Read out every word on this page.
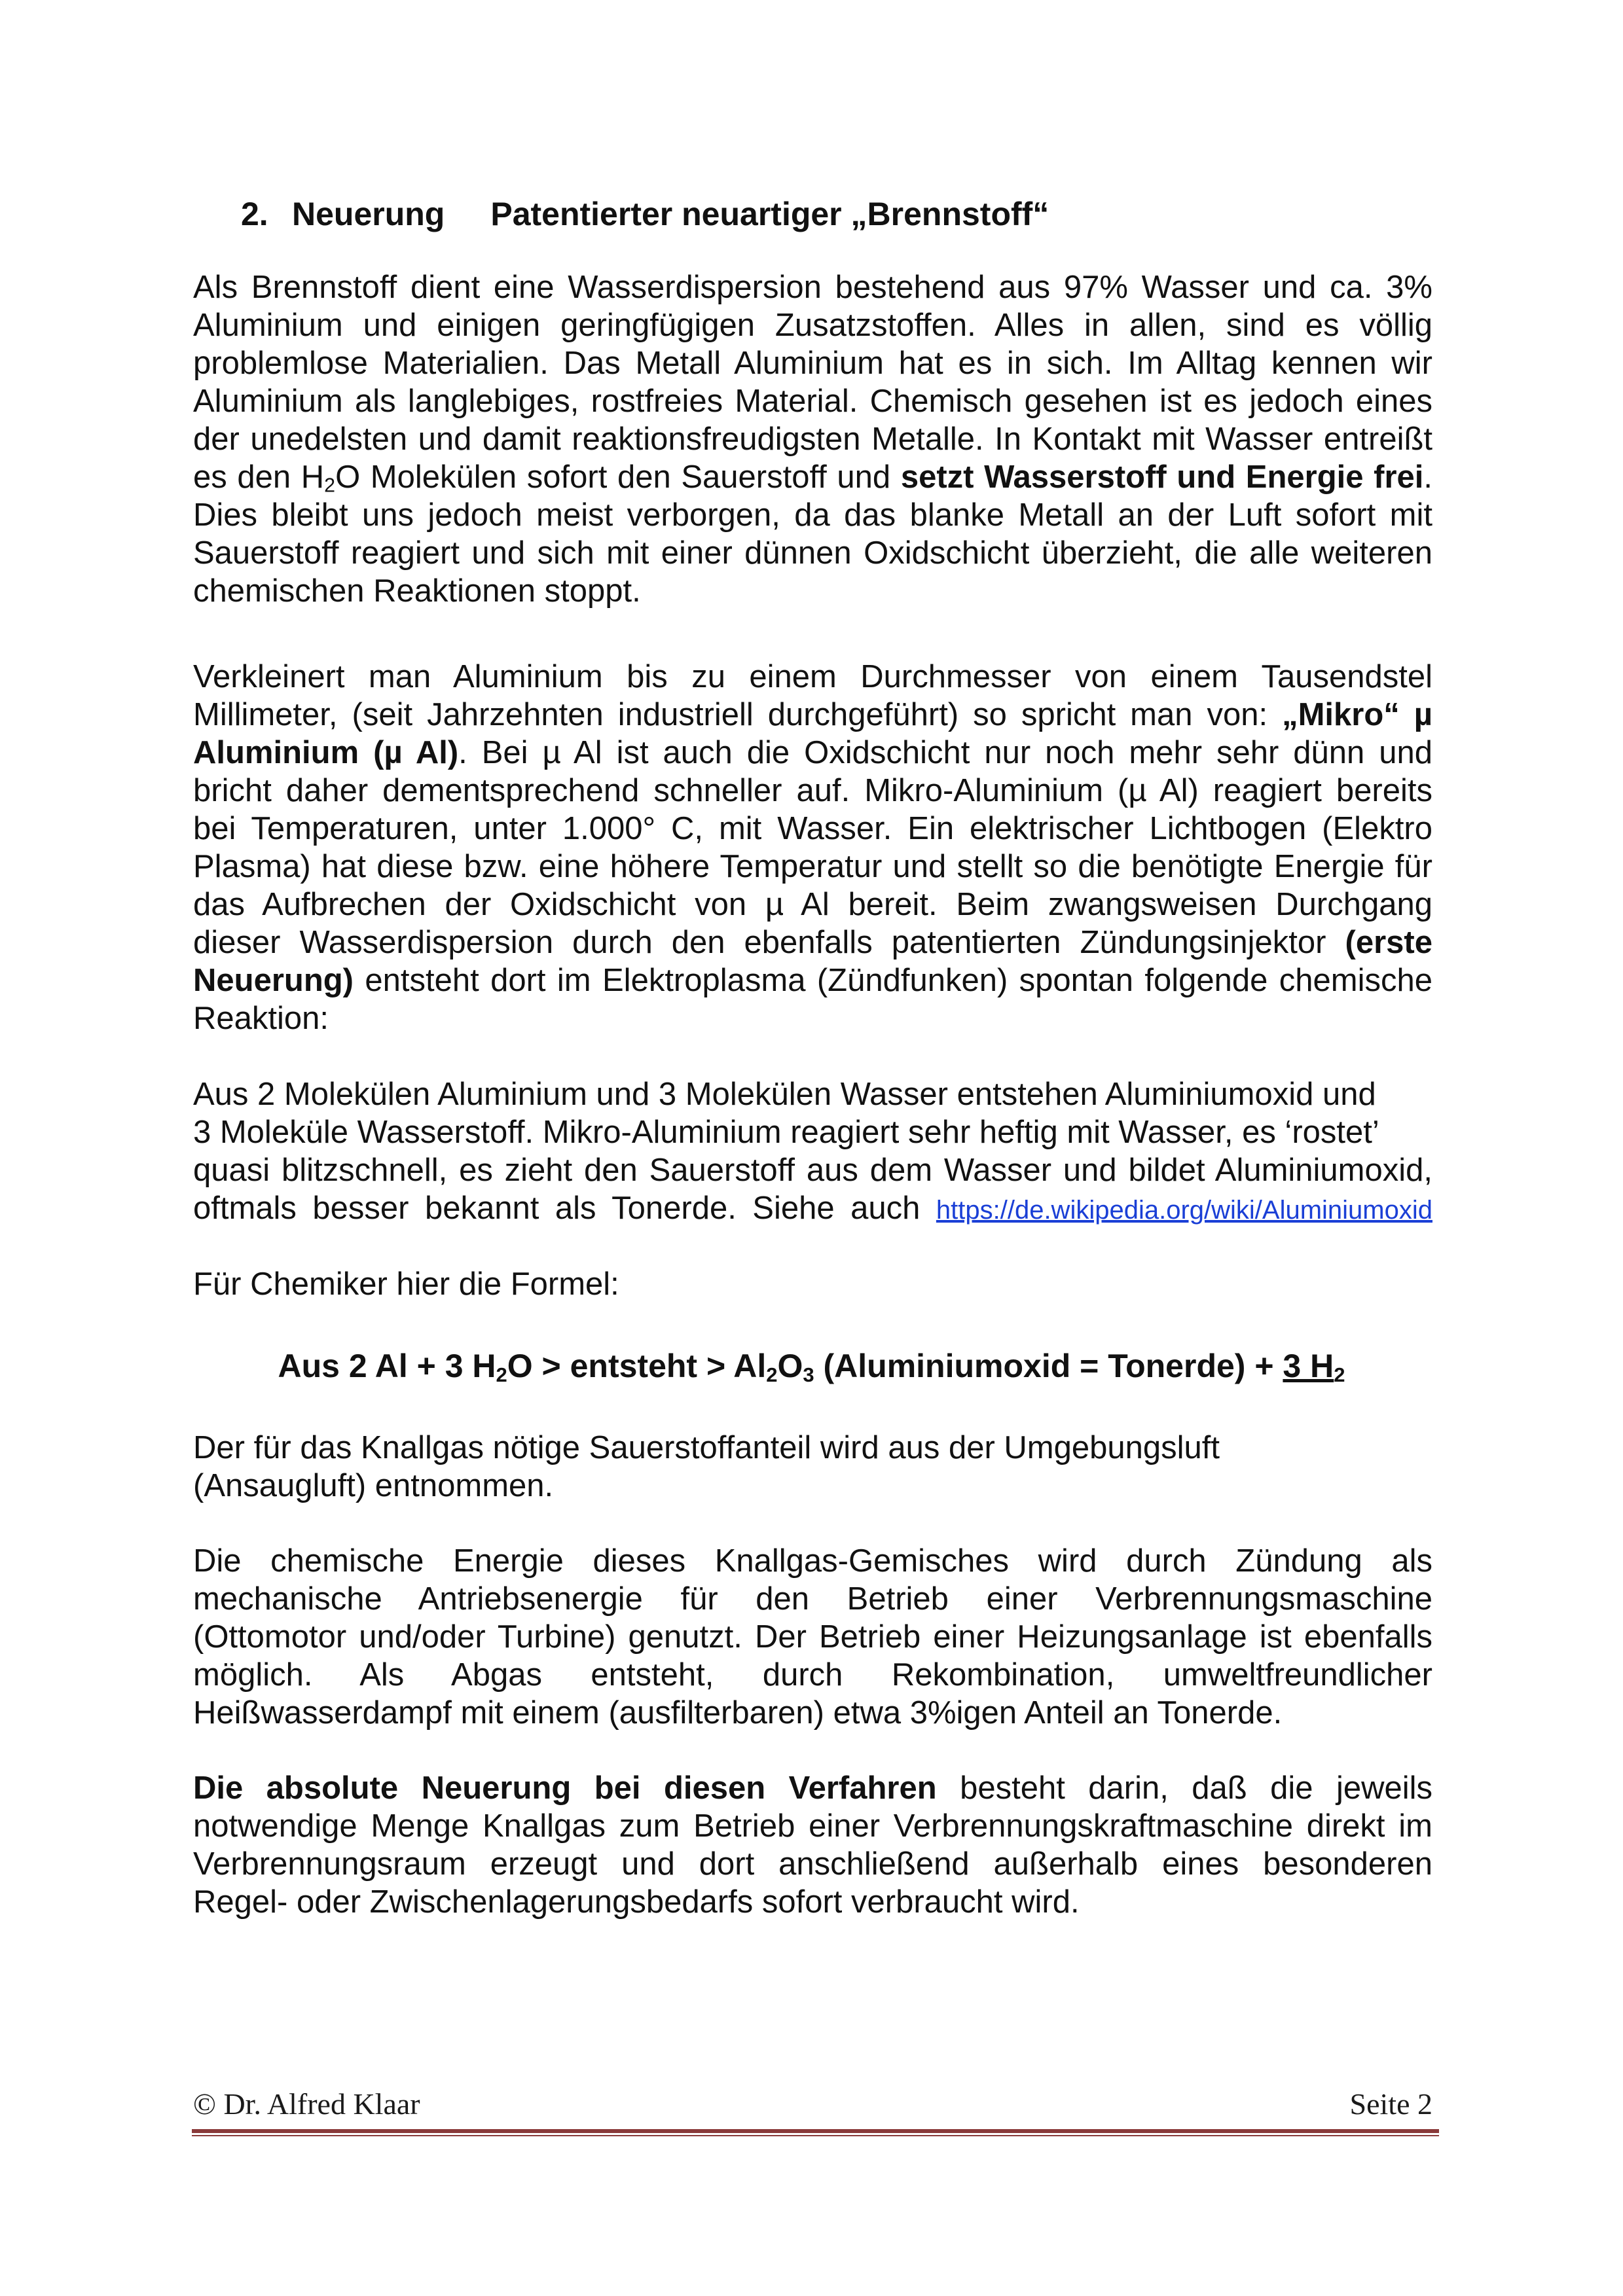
2. Neuerung Patentierter neuartiger „Brennstoff“
Als Brennstoff dient eine Wasserdispersion bestehend aus 97% Wasser und ca. 3%
Aluminium und einigen geringfügigen Zusatzstoffen. Alles in allen, sind es völlig
problemlose Materialien. Das Metall Aluminium hat es in sich. Im Alltag kennen wir
Aluminium als langlebiges, rostfreies Material. Chemisch gesehen ist es jedoch eines
der unedelsten und damit reaktionsfreudigsten Metalle. In Kontakt mit Wasser entreißt
es den $H_2O$ Molekülen sofort den Sauerstoff und setzt Wasserstoff und Energie frei.
Dies bleibt uns jedoch meist verborgen, da das blanke Metall an der Luft sofort mit
Sauerstoff reagiert und sich mit einer dünnen Oxidschicht überzieht, die alle weiteren
chemischen Reaktionen stoppt.
Verkleinert man Aluminium bis zu einem Durchmesser von einem Tausendstel
Millimeter, (seit Jahrzehnten industriell durchgeführt) so spricht man von: „Mikro“ µ
Aluminium (µ Al). Bei µ Al ist auch die Oxidschicht nur noch mehr sehr dünn und
bricht daher dementsprechend schneller auf. Mikro-Aluminium (µ Al) reagiert bereits
bei Temperaturen, unter 1.000° C, mit Wasser. Ein elektrischer Lichtbogen (Elektro
Plasma) hat diese bzw. eine höhere Temperatur und stellt so die benötigte Energie für
das Aufbrechen der Oxidschicht von µ Al bereit. Beim zwangsweisen Durchgang
dieser Wasserdispersion durch den ebenfalls patentierten Zündungsinjektor (erste
Neuerung) entsteht dort im Elektroplasma (Zündfunken) spontan folgende chemische
Reaktion:
Aus 2 Molekülen Aluminium und 3 Molekülen Wasser entstehen Aluminiumoxid und
3 Moleküle Wasserstoff. Mikro-Aluminium reagiert sehr heftig mit Wasser, es ‘rostet’
quasi blitzschnell, es zieht den Sauerstoff aus dem Wasser und bildet Aluminiumoxid,
oftmals besser bekannt als Tonerde. Siehe auch https://de.wikipedia.org/wiki/Aluminiumoxid
Für Chemiker hier die Formel:
Aus 2 Al + 3 $H_2O$ > entsteht > $Al_2O_3$ (Aluminiumoxid = Tonerde) + 3 $H_2$
Der für das Knallgas nötige Sauerstoffanteil wird aus der Umgebungsluft
(Ansaugluft) entnommen.
Die chemische Energie dieses Knallgas-Gemisches wird durch Zündung als
mechanische Antriebsenergie für den Betrieb einer Verbrennungsmaschine
(Ottomotor und/oder Turbine) genutzt. Der Betrieb einer Heizungsanlage ist ebenfalls
möglich. Als Abgas entsteht, durch Rekombination, umweltfreundlicher
Heißwasserdampf mit einem (ausfilterbaren) etwa 3%igen Anteil an Tonerde.
Die absolute Neuerung bei diesen Verfahren besteht darin, daß die jeweils
notwendige Menge Knallgas zum Betrieb einer Verbrennungskraftmaschine direkt im
Verbrennungsraum erzeugt und dort anschließend außerhalb eines besonderen
Regel- oder Zwischenlagerungsbedarfs sofort verbraucht wird.
© Dr. Alfred Klaar	Seite 2
